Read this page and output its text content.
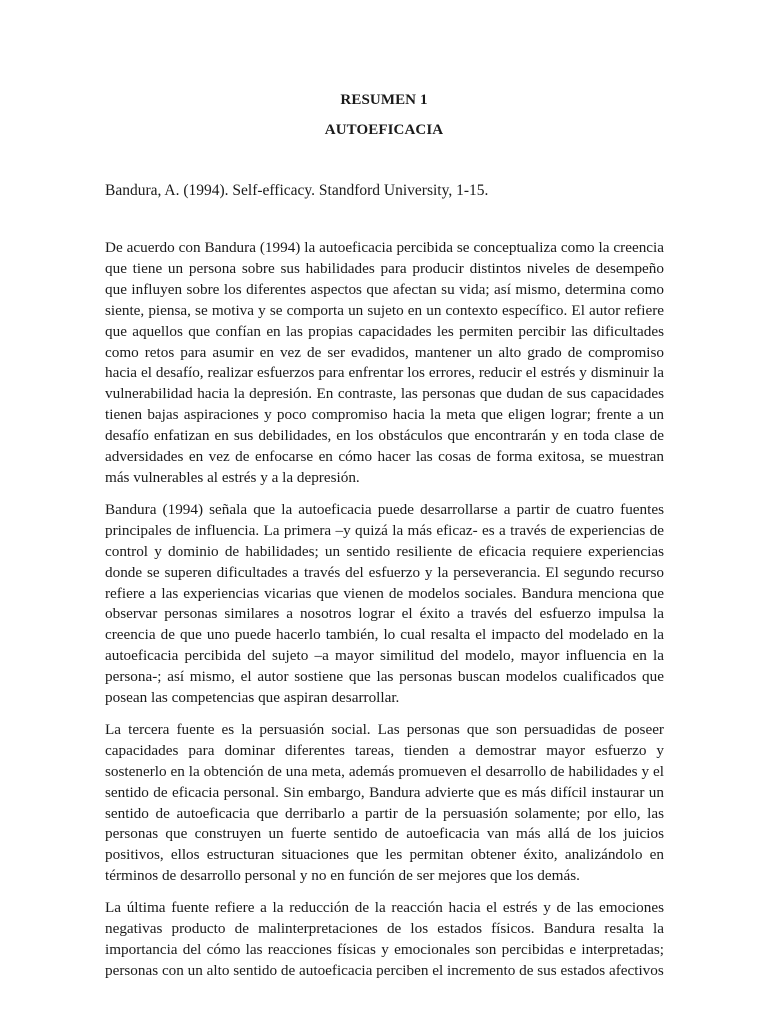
RESUMEN 1
AUTOEFICACIA
Bandura, A. (1994). Self-efficacy. Standford University, 1-15.

De acuerdo con Bandura (1994) la autoeficacia percibida se conceptualiza como la creencia que tiene un persona sobre sus habilidades para producir distintos niveles de desempeño que influyen sobre los diferentes aspectos que afectan su vida; así mismo, determina como siente, piensa, se motiva y se comporta un sujeto en un contexto específico. El autor refiere que aquellos que confían en las propias capacidades les permiten percibir las dificultades como retos para asumir en vez de ser evadidos, mantener un alto grado de compromiso hacia el desafío, realizar esfuerzos para enfrentar los errores, reducir el estrés y disminuir la vulnerabilidad hacia la depresión. En contraste, las personas que dudan de sus capacidades tienen bajas aspiraciones y poco compromiso hacia la meta que eligen lograr; frente a un desafío enfatizan en sus debilidades, en los obstáculos que encontrarán y en toda clase de adversidades en vez de enfocarse en cómo hacer las cosas de forma exitosa, se muestran más vulnerables al estrés y a la depresión.

Bandura (1994) señala que la autoeficacia puede desarrollarse a partir de cuatro fuentes principales de influencia. La primera –y quizá la más eficaz- es a través de experiencias de control y dominio de habilidades; un sentido resiliente de eficacia requiere experiencias donde se superen dificultades a través del esfuerzo y la perseverancia. El segundo recurso refiere a las experiencias vicarias que vienen de modelos sociales. Bandura menciona que observar personas similares a nosotros lograr el éxito a través del esfuerzo impulsa la creencia de que uno puede hacerlo también, lo cual resalta el impacto del modelado en la autoeficacia percibida del sujeto –a mayor similitud del modelo, mayor influencia en la persona-; así mismo, el autor sostiene que las personas buscan modelos cualificados que posean las competencias que aspiran desarrollar.

La tercera fuente es la persuasión social. Las personas que son persuadidas de poseer capacidades para dominar diferentes tareas, tienden a demostrar mayor esfuerzo y sostenerlo en la obtención de una meta, además promueven el desarrollo de habilidades y el sentido de eficacia personal. Sin embargo, Bandura advierte que es más difícil instaurar un sentido de autoeficacia que derribarlo a partir de la persuasión solamente; por ello, las personas que construyen un fuerte sentido de autoeficacia van más allá de los juicios positivos, ellos estructuran situaciones que les permitan obtener éxito, analizándolo en términos de desarrollo personal y no en función de ser mejores que los demás.

La última fuente refiere a la reducción de la reacción hacia el estrés y de las emociones negativas producto de malinterpretaciones de los estados físicos. Bandura resalta la importancia del cómo las reacciones físicas y emocionales son percibidas e interpretadas; personas con un alto sentido de autoeficacia perciben el incremento de sus estados afectivos
